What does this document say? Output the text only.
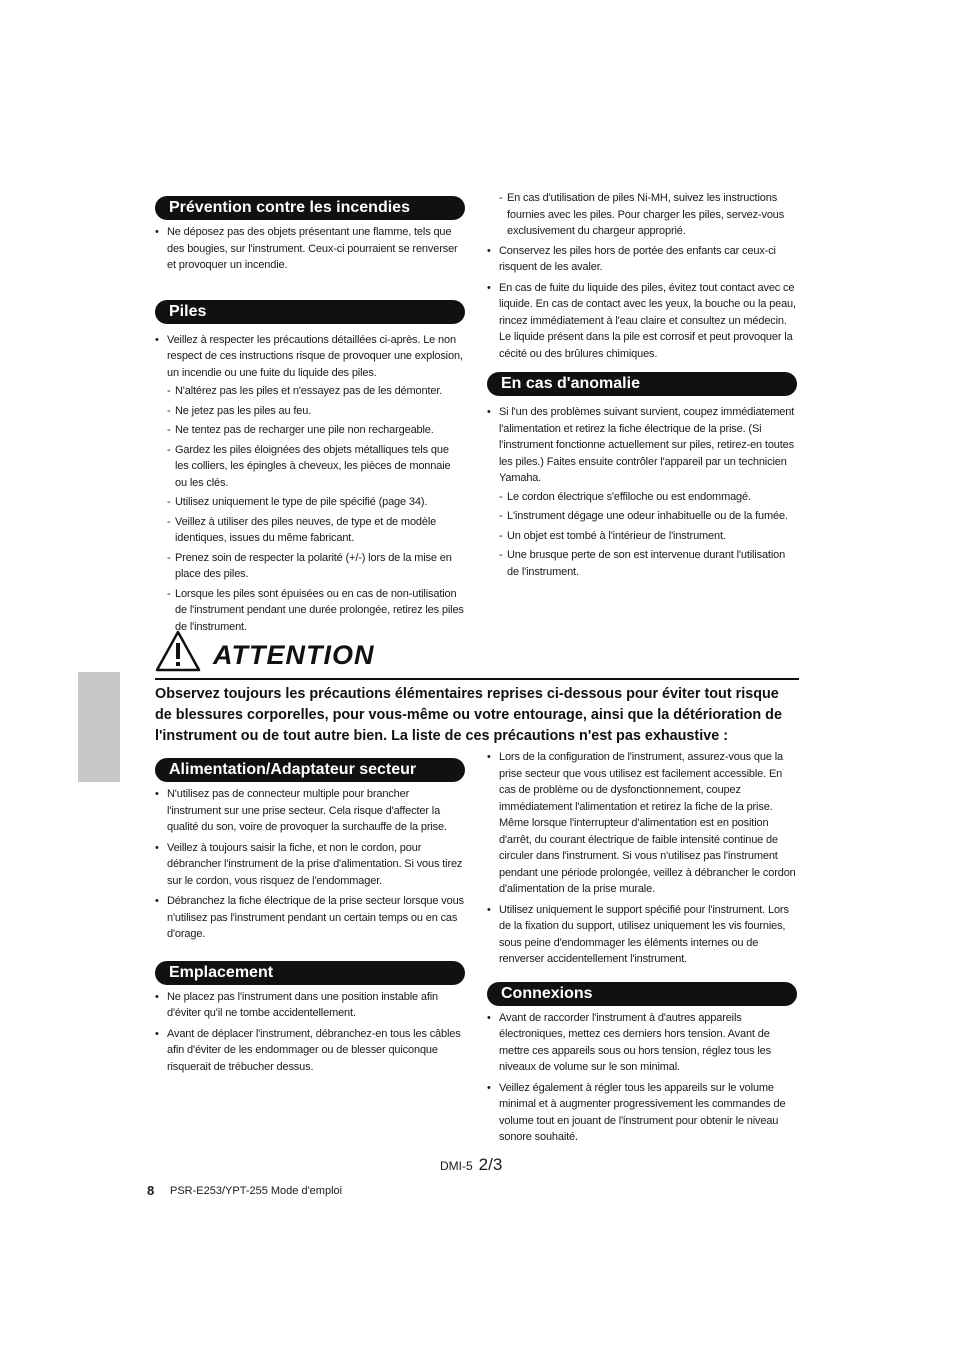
Prévention contre les incendies
• Ne déposez pas des objets présentant une flamme, tels que des bougies, sur l'instrument. Ceux-ci pourraient se renverser et provoquer un incendie.
Piles
• Veillez à respecter les précautions détaillées ci-après. Le non respect de ces instructions risque de provoquer une explosion, un incendie ou une fuite du liquide des piles.
- N'altérez pas les piles et n'essayez pas de les démonter.
- Ne jetez pas les piles au feu.
- Ne tentez pas de recharger une pile non rechargeable.
- Gardez les piles éloignées des objets métalliques tels que les colliers, les épingles à cheveux, les pièces de monnaie ou les clés.
- Utilisez uniquement le type de pile spécifié (page 34).
- Veillez à utiliser des piles neuves, de type et de modèle identiques, issues du même fabricant.
- Prenez soin de respecter la polarité (+/-) lors de la mise en place des piles.
- Lorsque les piles sont épuisées ou en cas de non-utilisation de l'instrument pendant une durée prolongée, retirez les piles de l'instrument.
- En cas d'utilisation de piles Ni-MH, suivez les instructions fournies avec les piles. Pour charger les piles, servez-vous exclusivement du chargeur approprié.
• Conservez les piles hors de portée des enfants car ceux-ci risquent de les avaler.
• En cas de fuite du liquide des piles, évitez tout contact avec ce liquide. En cas de contact avec les yeux, la bouche ou la peau, rincez immédiatement à l'eau claire et consultez un médecin. Le liquide présent dans la pile est corrosif et peut provoquer la cécité ou des brûlures chimiques.
En cas d'anomalie
• Si l'un des problèmes suivant survient, coupez immédiatement l'alimentation et retirez la fiche électrique de la prise. (Si l'instrument fonctionne actuellement sur piles, retirez-en toutes les piles.) Faites ensuite contrôler l'appareil par un technicien Yamaha.
- Le cordon électrique s'effiloche ou est endommagé.
- L'instrument dégage une odeur inhabituelle ou de la fumée.
- Un objet est tombé à l'intérieur de l'instrument.
- Une brusque perte de son est intervenue durant l'utilisation de l'instrument.
ATTENTION
Observez toujours les précautions élémentaires reprises ci-dessous pour éviter tout risque de blessures corporelles, pour vous-même ou votre entourage, ainsi que la détérioration de l'instrument ou de tout autre bien. La liste de ces précautions n'est pas exhaustive :
Alimentation/Adaptateur secteur
• N'utilisez pas de connecteur multiple pour brancher l'instrument sur une prise secteur. Cela risque d'affecter la qualité du son, voire de provoquer la surchauffe de la prise.
• Veillez à toujours saisir la fiche, et non le cordon, pour débrancher l'instrument de la prise d'alimentation. Si vous tirez sur le cordon, vous risquez de l'endommager.
• Débranchez la fiche électrique de la prise secteur lorsque vous n'utilisez pas l'instrument pendant un certain temps ou en cas d'orage.
Emplacement
• Ne placez pas l'instrument dans une position instable afin d'éviter qu'il ne tombe accidentellement.
• Avant de déplacer l'instrument, débranchez-en tous les câbles afin d'éviter de les endommager ou de blesser quiconque risquerait de trébucher dessus.
• Lors de la configuration de l'instrument, assurez-vous que la prise secteur que vous utilisez est facilement accessible. En cas de problème ou de dysfonctionnement, coupez immédiatement l'alimentation et retirez la fiche de la prise. Même lorsque l'interrupteur d'alimentation est en position d'arrêt, du courant électrique de faible intensité continue de circuler dans l'instrument. Si vous n'utilisez pas l'instrument pendant une période prolongée, veillez à débrancher le cordon d'alimentation de la prise murale.
• Utilisez uniquement le support spécifié pour l'instrument. Lors de la fixation du support, utilisez uniquement les vis fournies, sous peine d'endommager les éléments internes ou de renverser accidentellement l'instrument.
Connexions
• Avant de raccorder l'instrument à d'autres appareils électroniques, mettez ces derniers hors tension. Avant de mettre ces appareils sous ou hors tension, réglez tous les niveaux de volume sur le son minimal.
• Veillez également à régler tous les appareils sur le volume minimal et à augmenter progressivement les commandes de volume tout en jouant de l'instrument pour obtenir le niveau sonore souhaité.
DMI-5 2/3
8 PSR-E253/YPT-255 Mode d'emploi
